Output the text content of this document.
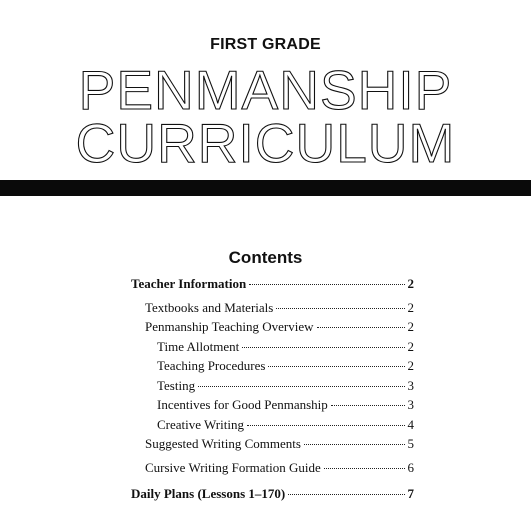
FIRST GRADE
PENMANSHIP
CURRICULUM
Contents
Teacher Information	2
Textbooks and Materials	2
Penmanship Teaching Overview	2
Time Allotment	2
Teaching Procedures	2
Testing	3
Incentives for Good Penmanship	3
Creative Writing	4
Suggested Writing Comments	5
Cursive Writing Formation Guide	6
Daily Plans (Lessons 1–170)	7
